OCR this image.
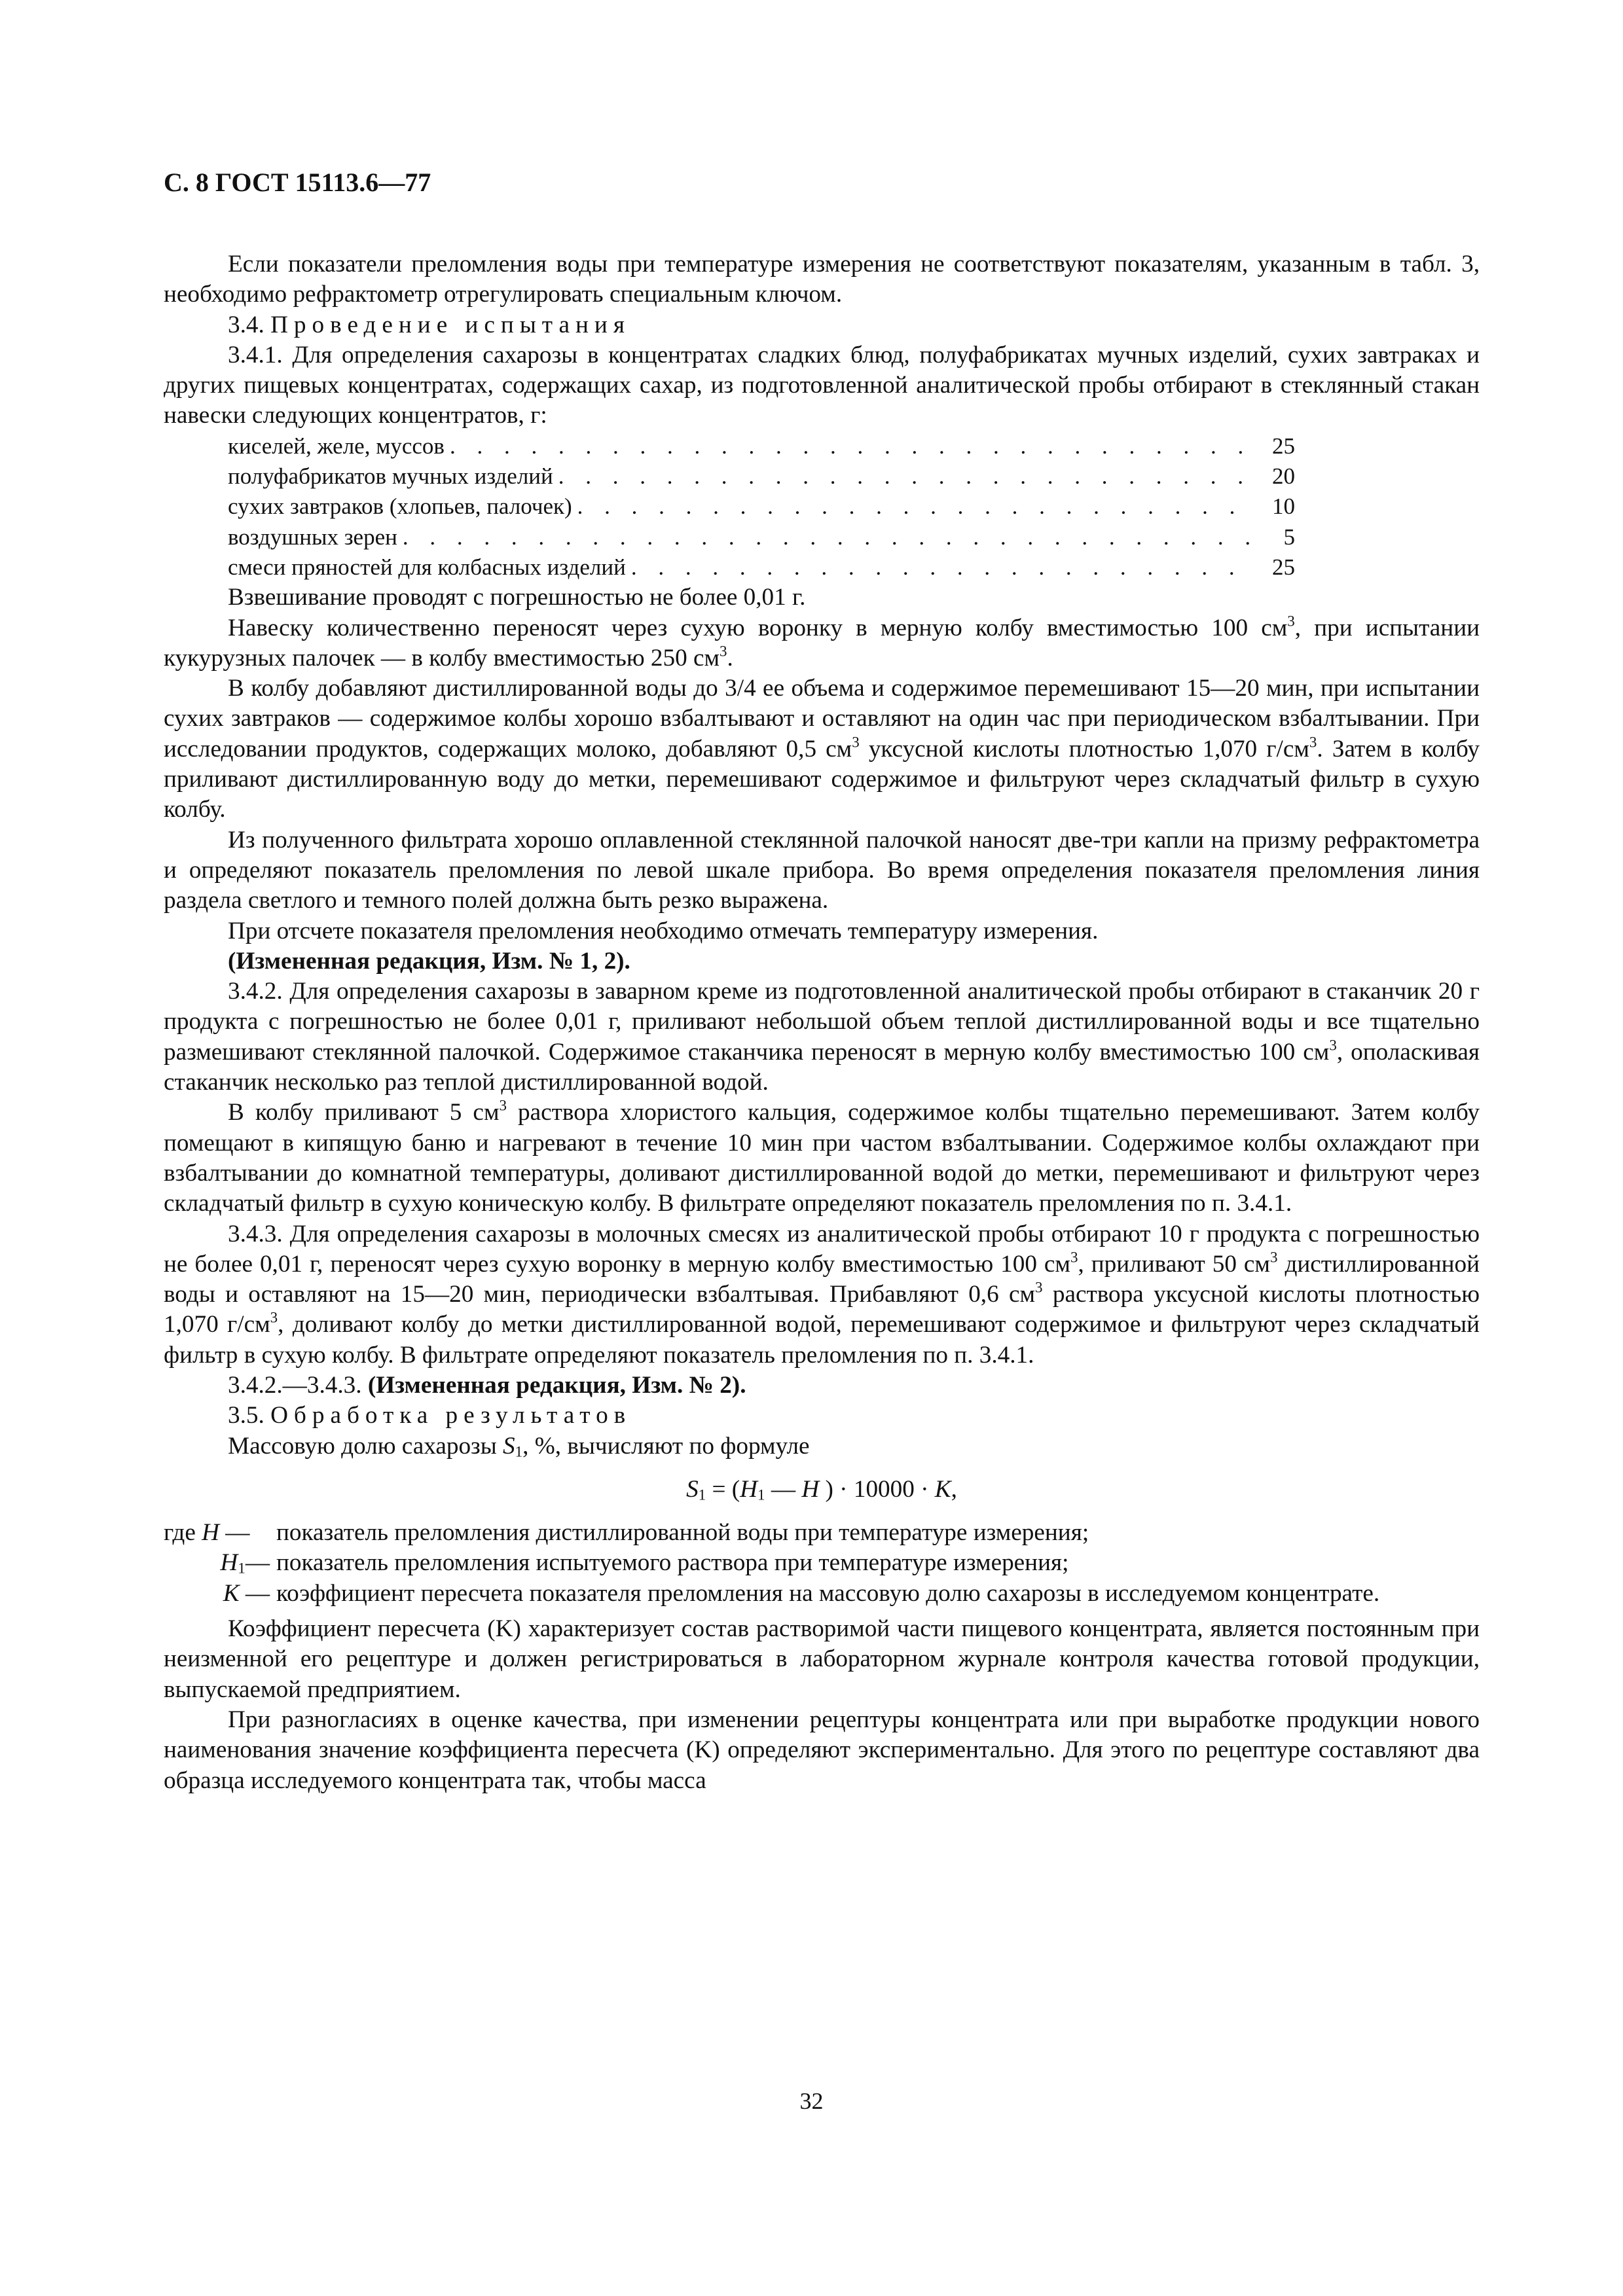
С. 8 ГОСТ 15113.6—77

Если показатели преломления воды при температуре измерения не соответствуют показателям, указанным в табл. 3, необходимо рефрактометр отрегулировать специальным ключом.

3.4. Проведение испытания

3.4.1. Для определения сахарозы в концентратах сладких блюд, полуфабрикатах мучных изделий, сухих завтраках и других пищевых концентратах, содержащих сахар, из подготовленной аналитической пробы отбирают в стеклянный стакан навески следующих концентратов, г:

киселей, желе, муссов . . .	25
полуфабрикатов мучных изделий . . .	20
сухих завтраков (хлопьев, палочек) . . .	10
воздушных зерен . . .	5
смеси пряностей для колбасных изделий . . .	25

Взвешивание проводят с погрешностью не более 0,01 г.

Навеску количественно переносят через сухую воронку в мерную колбу вместимостью 100 $см^3$, при испытании кукурузных палочек — в колбу вместимостью 250 $см^3$.

В колбу добавляют дистиллированной воды до 3/4 ее объема и содержимое перемешивают 15—20 мин, при испытании сухих завтраков — содержимое колбы хорошо взбалтывают и оставляют на один час при периодическом взбалтывании. При исследовании продуктов, содержащих молоко, добавляют 0,5 $см^3$ уксусной кислоты плотностью 1,070 $г/см^3$. Затем в колбу приливают дистиллированную воду до метки, перемешивают содержимое и фильтруют через складчатый фильтр в сухую колбу.

Из полученного фильтрата хорошо оплавленной стеклянной палочкой наносят две-три капли на призму рефрактометра и определяют показатель преломления по левой шкале прибора. Во время определения показателя преломления линия раздела светлого и темного полей должна быть резко выражена.

При отсчете показателя преломления необходимо отмечать температуру измерения.

(Измененная редакция, Изм. № 1, 2).

3.4.2. Для определения сахарозы в заварном креме из подготовленной аналитической пробы отбирают в стаканчик 20 г продукта с погрешностью не более 0,01 г, приливают небольшой объем теплой дистиллированной воды и все тщательно размешивают стеклянной палочкой. Содержимое стаканчика переносят в мерную колбу вместимостью 100 $см^3$, ополаскивая стаканчик несколько раз теплой дистиллированной водой.

В колбу приливают 5 $см^3$ раствора хлористого кальция, содержимое колбы тщательно перемешивают. Затем колбу помещают в кипящую баню и нагревают в течение 10 мин при частом взбалтывании. Содержимое колбы охлаждают при взбалтывании до комнатной температуры, доливают дистиллированной водой до метки, перемешивают и фильтруют через складчатый фильтр в сухую коническую колбу. В фильтрате определяют показатель преломления по п. 3.4.1.

3.4.3. Для определения сахарозы в молочных смесях из аналитической пробы отбирают 10 г продукта с погрешностью не более 0,01 г, переносят через сухую воронку в мерную колбу вместимостью 100 $см^3$, приливают 50 $см^3$ дистиллированной воды и оставляют на 15—20 мин, периодически взбалтывая. Прибавляют 0,6 $см^3$ раствора уксусной кислоты плотностью 1,070 $г/см^3$, доливают колбу до метки дистиллированной водой, перемешивают содержимое и фильтруют через складчатый фильтр в сухую колбу. В фильтрате определяют показатель преломления по п. 3.4.1.

3.4.2.—3.4.3. (Измененная редакция, Изм. № 2).

3.5. Обработка результатов

Массовую долю сахарозы $S_1$, %, вычисляют по формуле

$S_1 = (H_1$ — H ) · 10000 · K,
где H —	показатель преломления дистиллированной воды при температуре измерения;
$H_1—$ показатель преломления испытуемого раствора при температуре измерения;
K — коэффициент пересчета показателя преломления на массовую долю сахарозы в исследуемом концентрате.

Коэффициент пересчета (K) характеризует состав растворимой части пищевого концентрата, является постоянным при неизменной его рецептуре и должен регистрироваться в лабораторном журнале контроля качества готовой продукции, выпускаемой предприятием.

При разногласиях в оценке качества, при изменении рецептуры концентрата или при выработке продукции нового наименования значение коэффициента пересчета (K) определяют экспериментально. Для этого по рецептуре составляют два образца исследуемого концентрата так, чтобы масса

32
